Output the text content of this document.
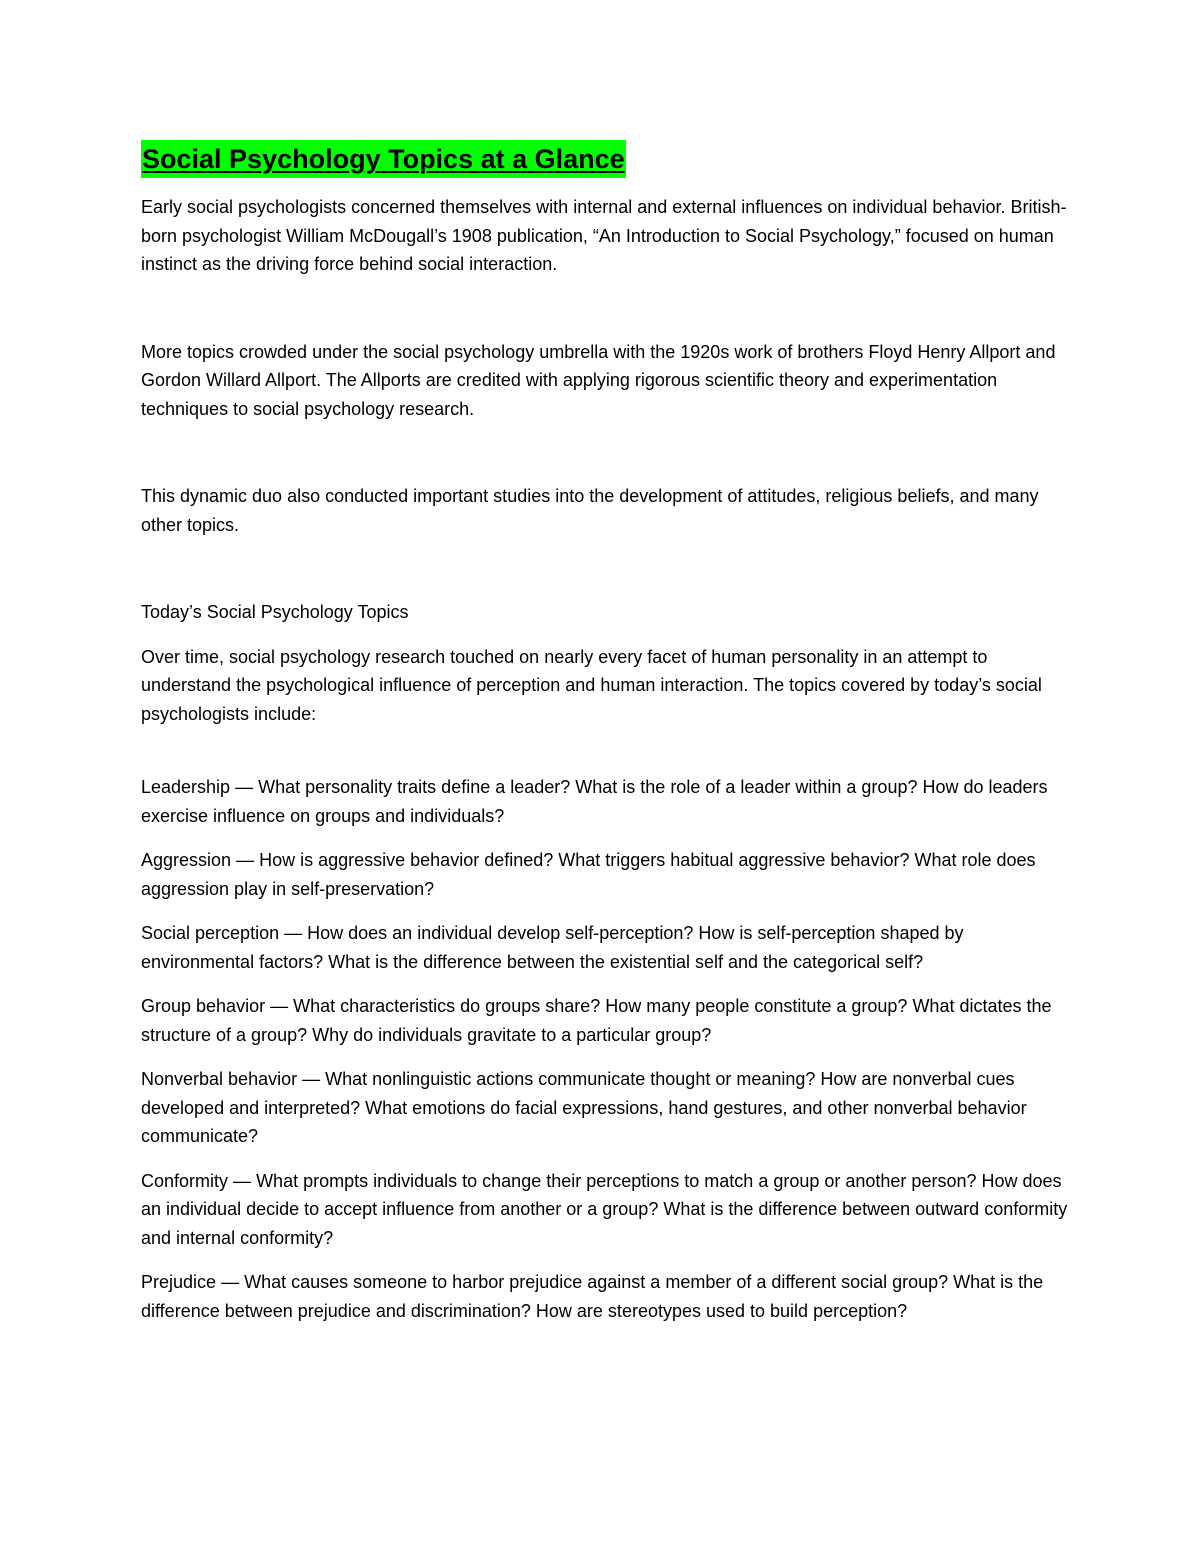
Social Psychology Topics at a Glance

Early social psychologists concerned themselves with internal and external influences on individual behavior. British-born psychologist William McDougall’s 1908 publication, “An Introduction to Social Psychology,” focused on human instinct as the driving force behind social interaction.

More topics crowded under the social psychology umbrella with the 1920s work of brothers Floyd Henry Allport and Gordon Willard Allport. The Allports are credited with applying rigorous scientific theory and experimentation techniques to social psychology research.

This dynamic duo also conducted important studies into the development of attitudes, religious beliefs, and many other topics.

Today’s Social Psychology Topics

Over time, social psychology research touched on nearly every facet of human personality in an attempt to understand the psychological influence of perception and human interaction. The topics covered by today’s social psychologists include:

Leadership — What personality traits define a leader? What is the role of a leader within a group? How do leaders exercise influence on groups and individuals?

Aggression — How is aggressive behavior defined? What triggers habitual aggressive behavior? What role does aggression play in self-preservation?

Social perception — How does an individual develop self-perception? How is self-perception shaped by environmental factors? What is the difference between the existential self and the categorical self?

Group behavior — What characteristics do groups share? How many people constitute a group? What dictates the structure of a group? Why do individuals gravitate to a particular group?

Nonverbal behavior — What nonlinguistic actions communicate thought or meaning? How are nonverbal cues developed and interpreted? What emotions do facial expressions, hand gestures, and other nonverbal behavior communicate?

Conformity — What prompts individuals to change their perceptions to match a group or another person? How does an individual decide to accept influence from another or a group? What is the difference between outward conformity and internal conformity?

Prejudice — What causes someone to harbor prejudice against a member of a different social group? What is the difference between prejudice and discrimination? How are stereotypes used to build perception?
